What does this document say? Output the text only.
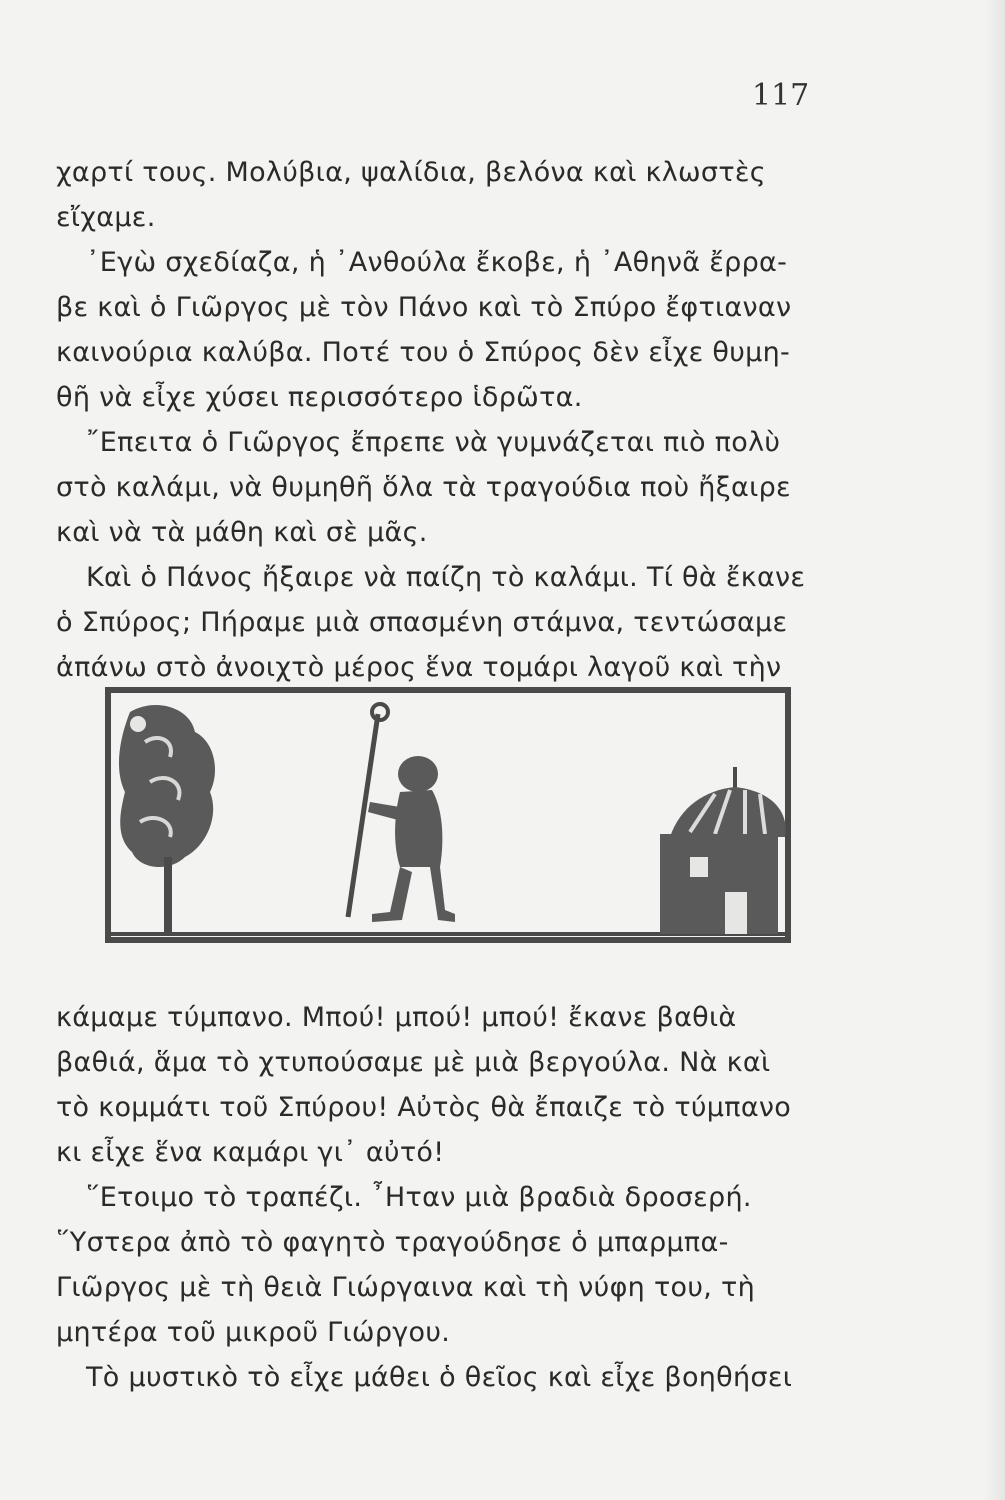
117
χαρτί τους. Μολύβια, ψαλίδια, βελόνα καὶ κλωστὲς
εἴχαμε.
᾿Εγὼ σχεδίαζα, ἡ ᾿Ανθούλα ἔκοβε, ἡ ᾿Αθηνᾶ ἔρρα-
βε καὶ ὁ Γιῶργος μὲ τὸν Πάνο καὶ τὸ Σπύρο ἔφτιαναν
καινούρια καλύβα. Ποτέ του ὁ Σπύρος δὲν εἶχε θυμη-
θῆ νὰ εἶχε χύσει περισσότερο ἱδρῶτα.
῎Επειτα ὁ Γιῶργος ἔπρεπε νὰ γυμνάζεται πιὸ πολὺ
στὸ καλάμι, νὰ θυμηθῆ ὅλα τὰ τραγούδια ποὺ ἤξαιρε
καὶ νὰ τὰ μάθη καὶ σὲ μᾶς.
Καὶ ὁ Πάνος ἤξαιρε νὰ παίζη τὸ καλάμι. Τί θὰ ἔκανε
ὁ Σπύρος; Πήραμε μιὰ σπασμένη στάμνα, τεντώσαμε
ἀπάνω στὸ ἀνοιχτὸ μέρος ἕνα τομάρι λαγοῦ καὶ τὴν
κάμαμε τύμπανο. Μπού! μπού! μπού! ἔκανε βαθιὰ
βαθιά, ἅμα τὸ χτυπούσαμε μὲ μιὰ βεργούλα. Νὰ καὶ
τὸ κομμάτι τοῦ Σπύρου! Αὐτὸς θὰ ἔπαιζε τὸ τύμπανο
κι εἶχε ἕνα καμάρι γι᾿ αὐτό!
῞Ετοιμο τὸ τραπέζι. ῏Ηταν μιὰ βραδιὰ δροσερή.
῞Υστερα ἀπὸ τὸ φαγητὸ τραγούδησε ὁ μπαρμπα-
Γιῶργος μὲ τὴ θειὰ Γιώργαινα καὶ τὴ νύφη του, τὴ
μητέρα τοῦ μικροῦ Γιώργου.
Τὸ μυστικὸ τὸ εἶχε μάθει ὁ θεῖος καὶ εἶχε βοηθήσει
